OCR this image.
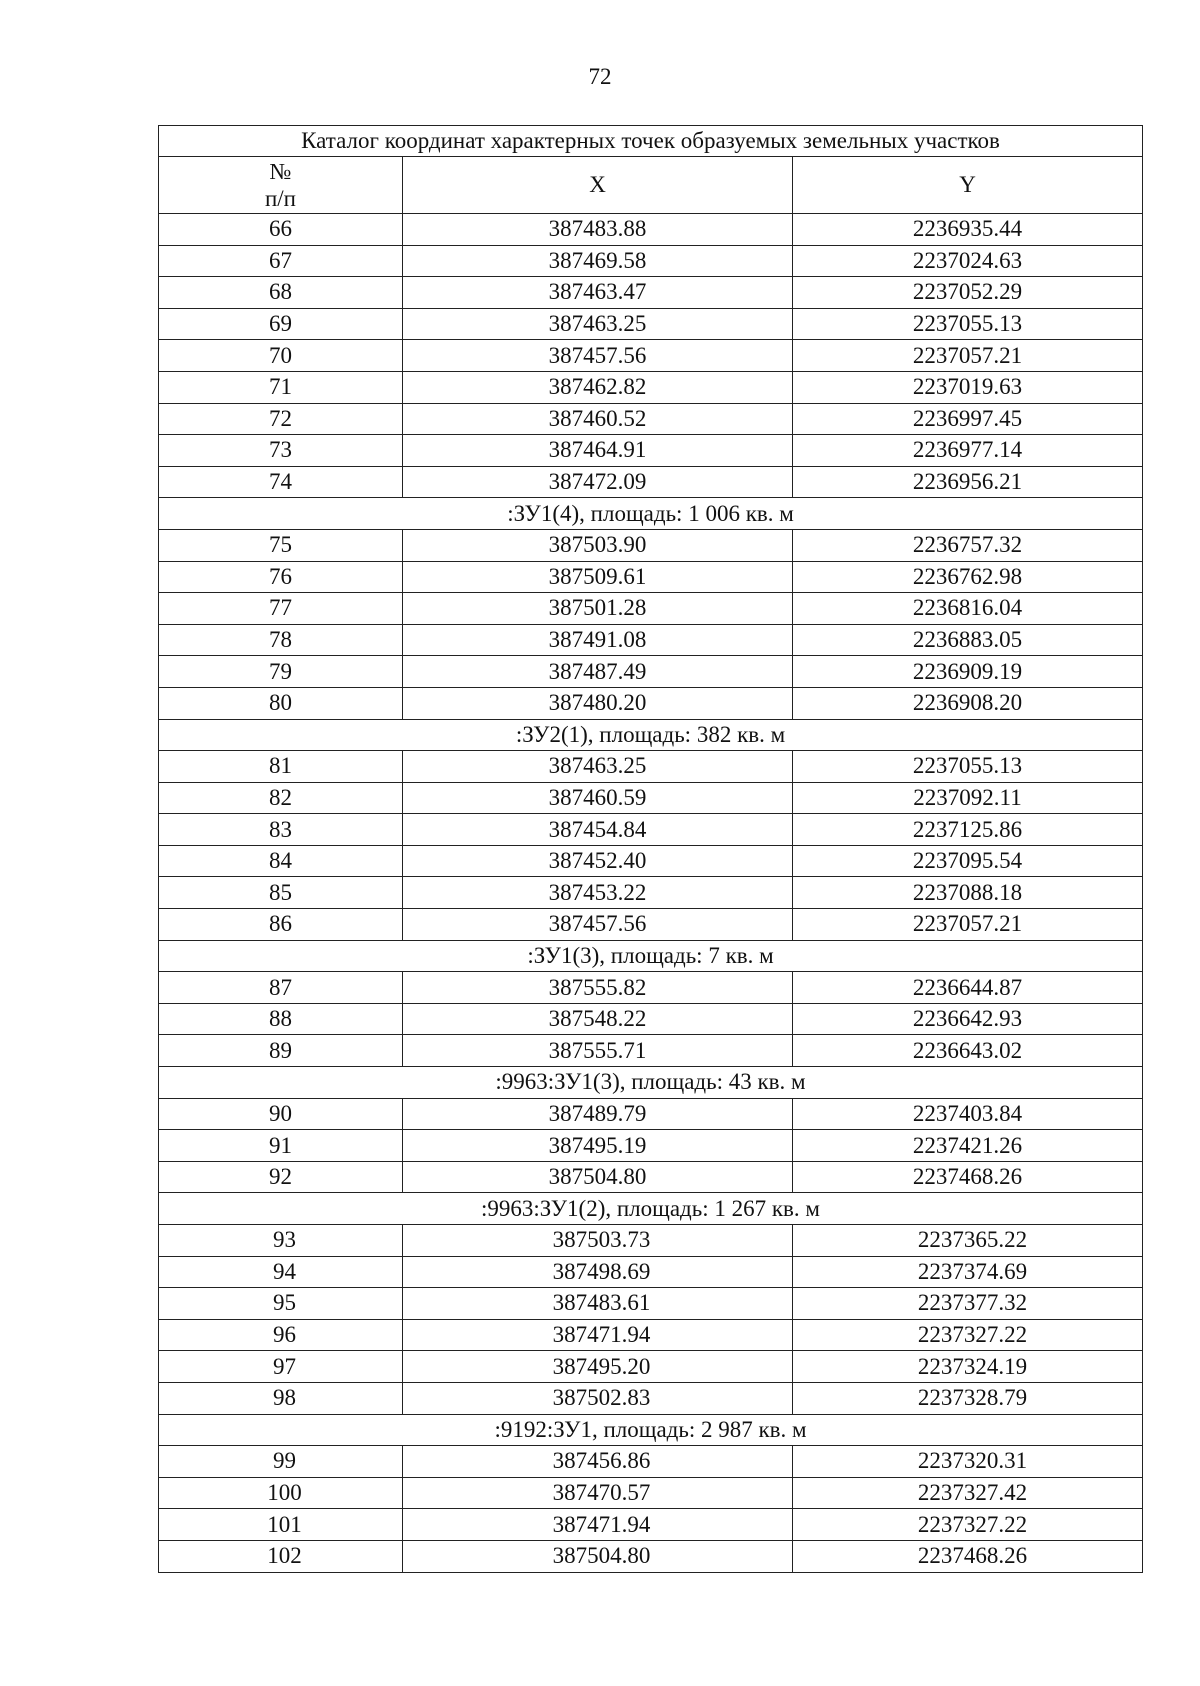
72
Каталог координат характерных точек образуемых земельных участков		
№
п/п	X	Y
66	387483.88	2236935.44
67	387469.58	2237024.63
68	387463.47	2237052.29
69	387463.25	2237055.13
70	387457.56	2237057.21
71	387462.82	2237019.63
72	387460.52	2236997.45
73	387464.91	2236977.14
74	387472.09	2236956.21
:ЗУ1(4), площадь: 1 006 кв. м		
75	387503.90	2236757.32
76	387509.61	2236762.98
77	387501.28	2236816.04
78	387491.08	2236883.05
79	387487.49	2236909.19
80	387480.20	2236908.20
:ЗУ2(1), площадь: 382 кв. м		
81	387463.25	2237055.13
82	387460.59	2237092.11
83	387454.84	2237125.86
84	387452.40	2237095.54
85	387453.22	2237088.18
86	387457.56	2237057.21
:ЗУ1(3), площадь: 7 кв. м		
87	387555.82	2236644.87
88	387548.22	2236642.93
89	387555.71	2236643.02
:9963:ЗУ1(3), площадь: 43 кв. м		
90	387489.79	2237403.84
91	387495.19	2237421.26
92	387504.80	2237468.26
:9963:ЗУ1(2), площадь: 1 267 кв. м		
93	387503.73	2237365.22
94	387498.69	2237374.69
95	387483.61	2237377.32
96	387471.94	2237327.22
97	387495.20	2237324.19
98	387502.83	2237328.79
:9192:ЗУ1, площадь: 2 987 кв. м		
99	387456.86	2237320.31
100	387470.57	2237327.42
101	387471.94	2237327.22
102	387504.80	2237468.26
